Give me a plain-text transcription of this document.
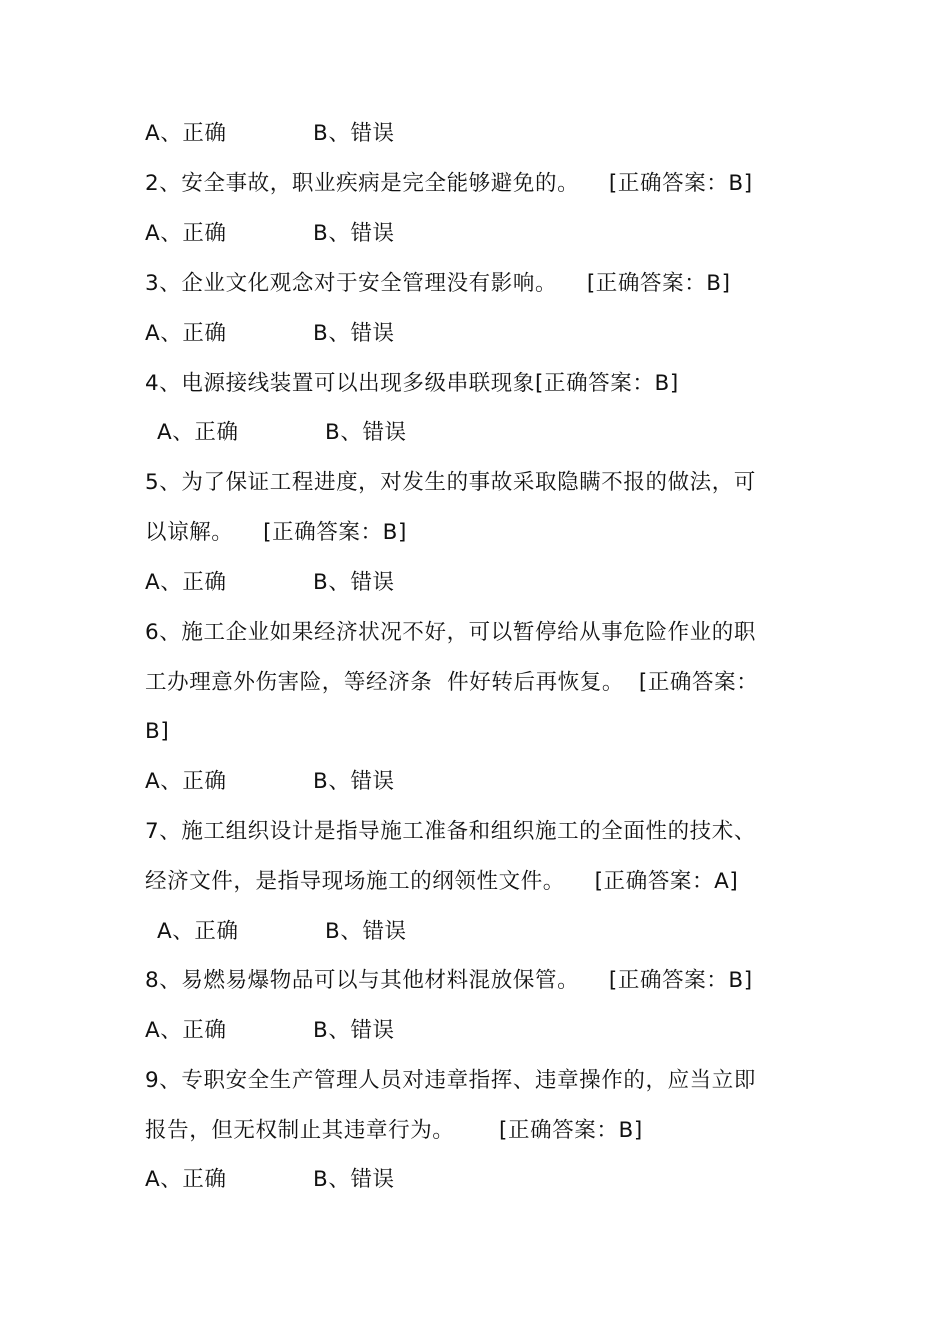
A、正确

	B、错误

2、安全事故，职业疾病是完全能够避免的。    [正确答案：B]

A、正确

	B、错误

3、企业文化观念对于安全管理没有影响。    [正确答案：B]

A、正确

	B、错误

4、电源接线装置可以出现多级串联现象[正确答案：B]

A、正确

	B、错误

5、为了保证工程进度，对发生的事故采取隐瞒不报的做法，可
以谅解。    [正确答案：B]

A、正确

	B、错误

6、施工企业如果经济状况不好，可以暂停给从事危险作业的职
工办理意外伤害险，等经济条  件好转后再恢复。  [正确答案：
B]

A、正确

	B、错误

7、施工组织设计是指导施工准备和组织施工的全面性的技术、
经济文件，是指导现场施工的纲领性文件。    [正确答案：A]

A、正确

	B、错误

8、易燃易爆物品可以与其他材料混放保管。    [正确答案：B]

A、正确

	B、错误

9、专职安全生产管理人员对违章指挥、违章操作的，应当立即
报告，但无权制止其违章行为。      [正确答案：B]

A、正确

	B、错误
